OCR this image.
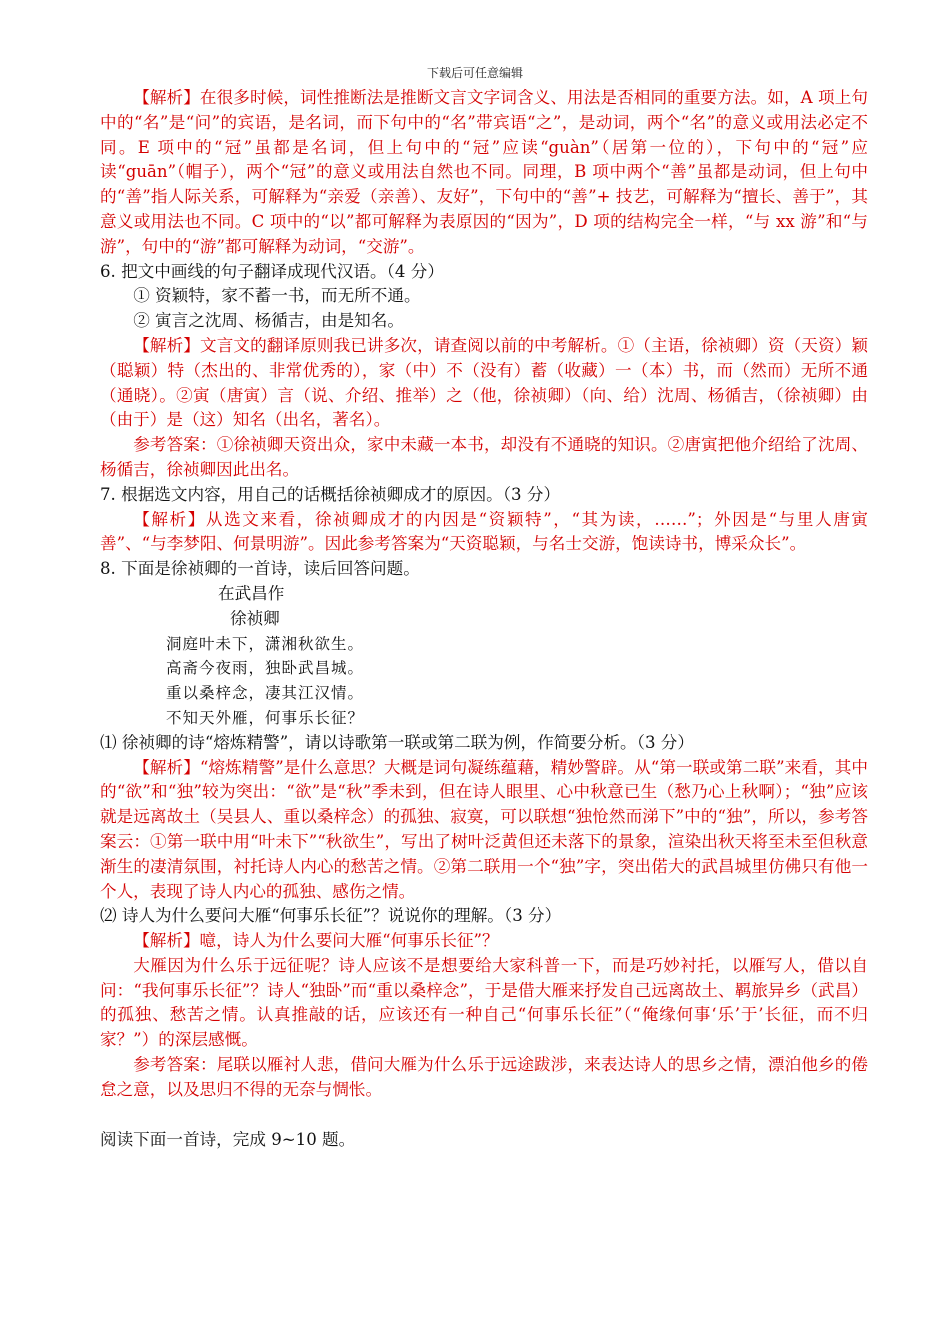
下载后可任意编辑

【解析】在很多时候，词性推断法是推断文言文字词含义、用法是否相同的重要方法。如，A 项上句中的“名”是“问”的宾语，是名词，而下句中的“名”带宾语“之”，是动词，两个“名”的意义或用法必定不同。E 项中的“冠”虽都是名词，但上句中的“冠”应读“guàn”（居第一位的），下句中的“冠”应读“guān”（帽子），两个“冠”的意义或用法自然也不同。同理，B 项中两个“善”虽都是动词，但上句中的“善”指人际关系，可解释为“亲爱（亲善）、友好”，下句中的“善”+ 技艺，可解释为“擅长、善于”，其意义或用法也不同。C 项中的“以”都可解释为表原因的“因为”，D 项的结构完全一样，“与 xx 游”和“与游”，句中的“游”都可解释为动词，“交游”。

6. 把文中画线的句子翻译成现代汉语。（4 分）

① 资颖特，家不蓄一书，而无所不通。

② 寅言之沈周、杨循吉，由是知名。

【解析】文言文的翻译原则我已讲多次，请查阅以前的中考解析。①（主语，徐祯卿）资（天资）颖（聪颖）特（杰出的、非常优秀的），家（中）不（没有）蓄（收藏）一（本）书，而（然而）无所不通（通晓）。②寅（唐寅）言（说、介绍、推举）之（他，徐祯卿）（向、给）沈周、杨循吉，（徐祯卿）由（由于）是（这）知名（出名，著名）。

参考答案：①徐祯卿天资出众，家中未藏一本书，却没有不通晓的知识。②唐寅把他介绍给了沈周、杨循吉，徐祯卿因此出名。

7. 根据选文内容，用自己的话概括徐祯卿成才的原因。（3 分）

【解析】从选文来看，徐祯卿成才的内因是“资颖特”，“其为读，……”；外因是“与里人唐寅善”、“与李梦阳、何景明游”。因此参考答案为“天资聪颖，与名士交游，饱读诗书，博采众长”。

8. 下面是徐祯卿的一首诗，读后回答问题。

在武昌作

徐祯卿

洞庭叶未下，潇湘秋欲生。

高斋今夜雨，独卧武昌城。

重以桑梓念，凄其江汉情。

不知天外雁，何事乐长征？

⑴ 徐祯卿的诗“熔炼精警”，请以诗歌第一联或第二联为例，作简要分析。（3 分）

【解析】“熔炼精警”是什么意思？大概是词句凝练蕴藉，精妙警辟。从“第一联或第二联”来看，其中的“欲”和“独”较为突出：“欲”是“秋”季未到，但在诗人眼里、心中秋意已生（愁乃心上秋啊）；“独”应该就是远离故土（吴县人、重以桑梓念）的孤独、寂寞，可以联想“独怆然而涕下”中的“独”，所以，参考答案云：①第一联中用“叶未下”“秋欲生”，写出了树叶泛黄但还未落下的景象，渲染出秋天将至未至但秋意渐生的凄清氛围，衬托诗人内心的愁苦之情。②第二联用一个“独”字，突出偌大的武昌城里仿佛只有他一个人，表现了诗人内心的孤独、感伤之情。

⑵ 诗人为什么要问大雁“何事乐长征”？说说你的理解。（3 分）

【解析】噫，诗人为什么要问大雁“何事乐长征”？

大雁因为什么乐于远征呢？诗人应该不是想要给大家科普一下，而是巧妙衬托，以雁写人，借以自问：“我何事乐长征”？诗人“独卧”而“重以桑梓念”，于是借大雁来抒发自己远离故土、羁旅异乡（武昌）的孤独、愁苦之情。认真推敲的话，应该还有一种自己“何事乐长征”（“俺缘何事‘乐’于’长征，而不归家？”）的深层感慨。

参考答案：尾联以雁衬人悲，借问大雁为什么乐于远途跋涉，来表达诗人的思乡之情，漂泊他乡的倦怠之意，以及思归不得的无奈与惆怅。

阅读下面一首诗，完成 9~10 题。
